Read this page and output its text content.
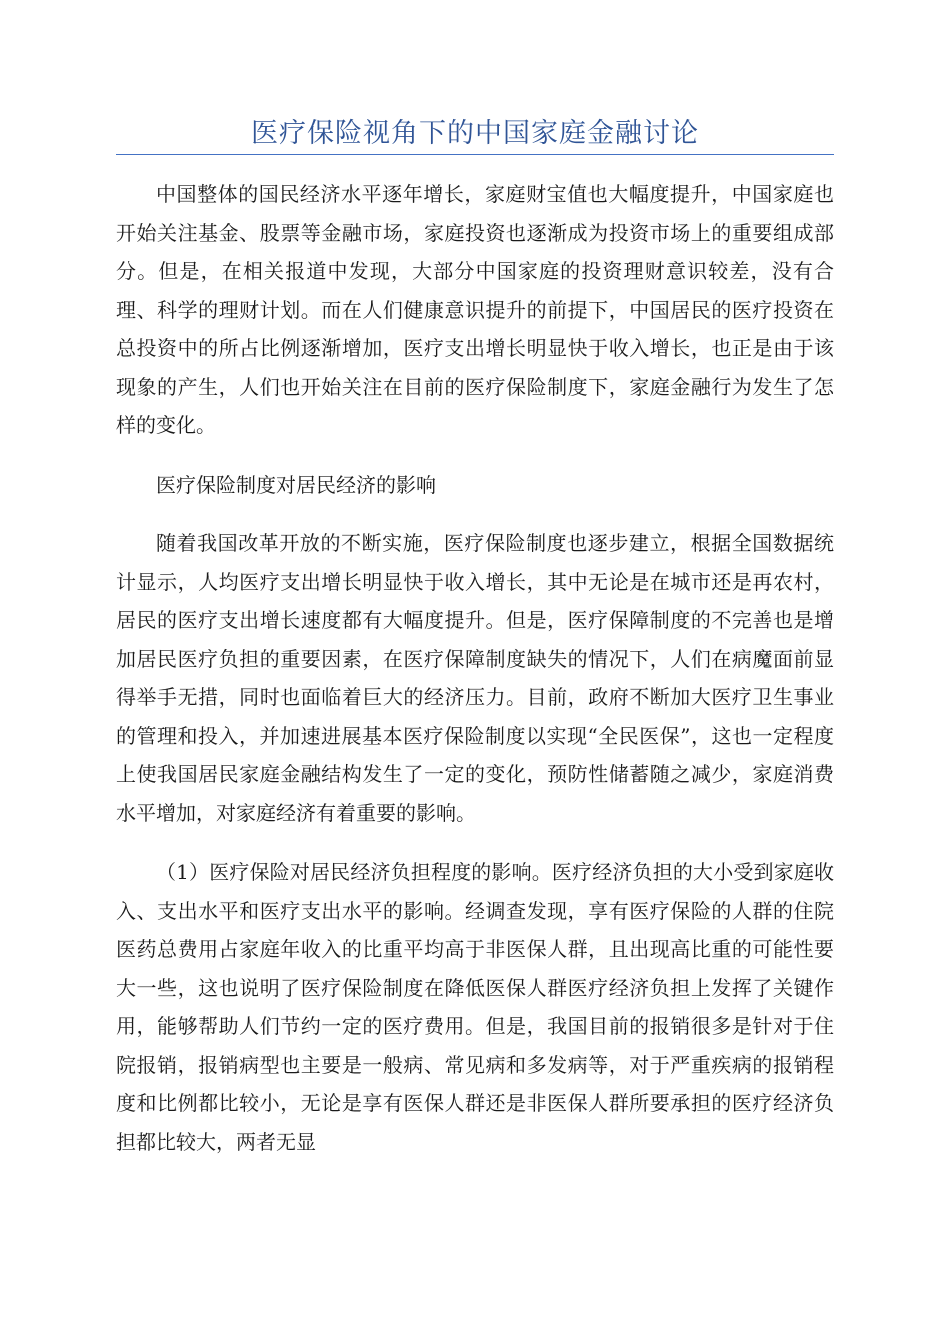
医疗保险视角下的中国家庭金融讨论

中国整体的国民经济水平逐年增长，家庭财宝值也大幅度提升，中国家庭也开始关注基金、股票等金融市场，家庭投资也逐渐成为投资市场上的重要组成部分。但是，在相关报道中发现，大部分中国家庭的投资理财意识较差，没有合理、科学的理财计划。而在人们健康意识提升的前提下，中国居民的医疗投资在总投资中的所占比例逐渐增加，医疗支出增长明显快于收入增长，也正是由于该现象的产生，人们也开始关注在目前的医疗保险制度下，家庭金融行为发生了怎样的变化。

医疗保险制度对居民经济的影响

随着我国改革开放的不断实施，医疗保险制度也逐步建立，根据全国数据统计显示，人均医疗支出增长明显快于收入增长，其中无论是在城市还是再农村，居民的医疗支出增长速度都有大幅度提升。但是，医疗保障制度的不完善也是增加居民医疗负担的重要因素，在医疗保障制度缺失的情况下，人们在病魔面前显得举手无措，同时也面临着巨大的经济压力。目前，政府不断加大医疗卫生事业的管理和投入，并加速进展基本医疗保险制度以实现“全民医保”，这也一定程度上使我国居民家庭金融结构发生了一定的变化，预防性储蓄随之减少，家庭消费水平增加，对家庭经济有着重要的影响。

（1）医疗保险对居民经济负担程度的影响。医疗经济负担的大小受到家庭收入、支出水平和医疗支出水平的影响。经调查发现，享有医疗保险的人群的住院医药总费用占家庭年收入的比重平均高于非医保人群，且出现高比重的可能性要大一些，这也说明了医疗保险制度在降低医保人群医疗经济负担上发挥了关键作用，能够帮助人们节约一定的医疗费用。但是，我国目前的报销很多是针对于住院报销，报销病型也主要是一般病、常见病和多发病等，对于严重疾病的报销程度和比例都比较小，无论是享有医保人群还是非医保人群所要承担的医疗经济负担都比较大，两者无显
